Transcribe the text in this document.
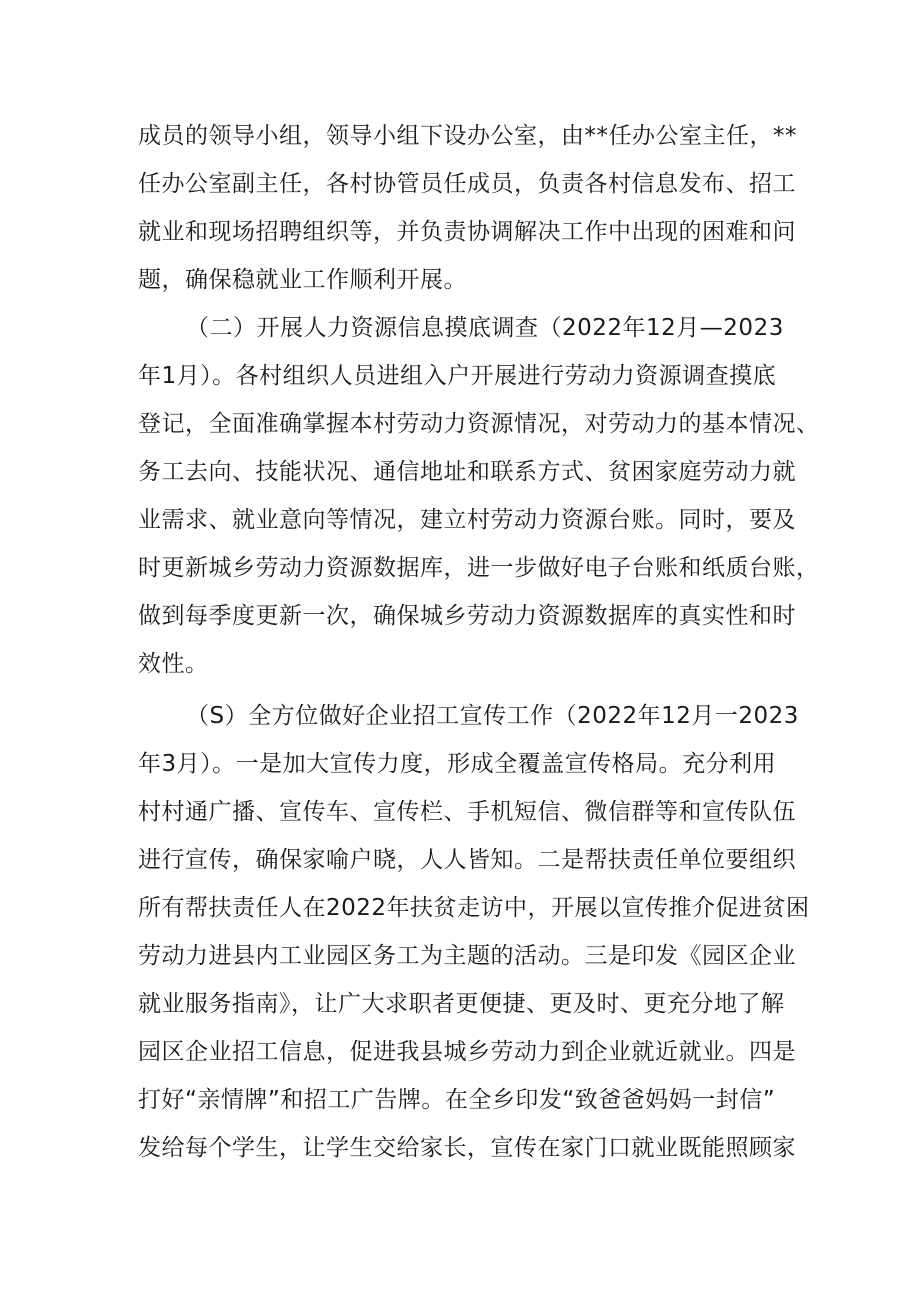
成员的领导小组，领导小组下设办公室，由**任办公室主任，**
任办公室副主任，各村协管员任成员，负责各村信息发布、招工
就业和现场招聘组织等，并负责协调解决工作中出现的困难和问
题，确保稳就业工作顺利开展。
（二）开展人力资源信息摸底调查（2022年12月—2023
年1月）。各村组织人员进组入户开展进行劳动力资源调查摸底
登记，全面准确掌握本村劳动力资源情况，对劳动力的基本情况、
务工去向、技能状况、通信地址和联系方式、贫困家庭劳动力就
业需求、就业意向等情况，建立村劳动力资源台账。同时，要及
时更新城乡劳动力资源数据库，进一步做好电子台账和纸质台账，
做到每季度更新一次，确保城乡劳动力资源数据库的真实性和时
效性。
（S）全方位做好企业招工宣传工作（2022年12月一2023
年3月）。一是加大宣传力度，形成全覆盖宣传格局。充分利用
村村通广播、宣传车、宣传栏、手机短信、微信群等和宣传队伍
进行宣传，确保家喻户晓，人人皆知。二是帮扶责任单位要组织
所有帮扶责任人在2022年扶贫走访中，开展以宣传推介促进贫困
劳动力进县内工业园区务工为主题的活动。三是印发《园区企业
就业服务指南》，让广大求职者更便捷、更及时、更充分地了解
园区企业招工信息，促进我县城乡劳动力到企业就近就业。四是
打好“亲情牌”和招工广告牌。在全乡印发“致爸爸妈妈一封信”
发给每个学生，让学生交给家长，宣传在家门口就业既能照顾家
